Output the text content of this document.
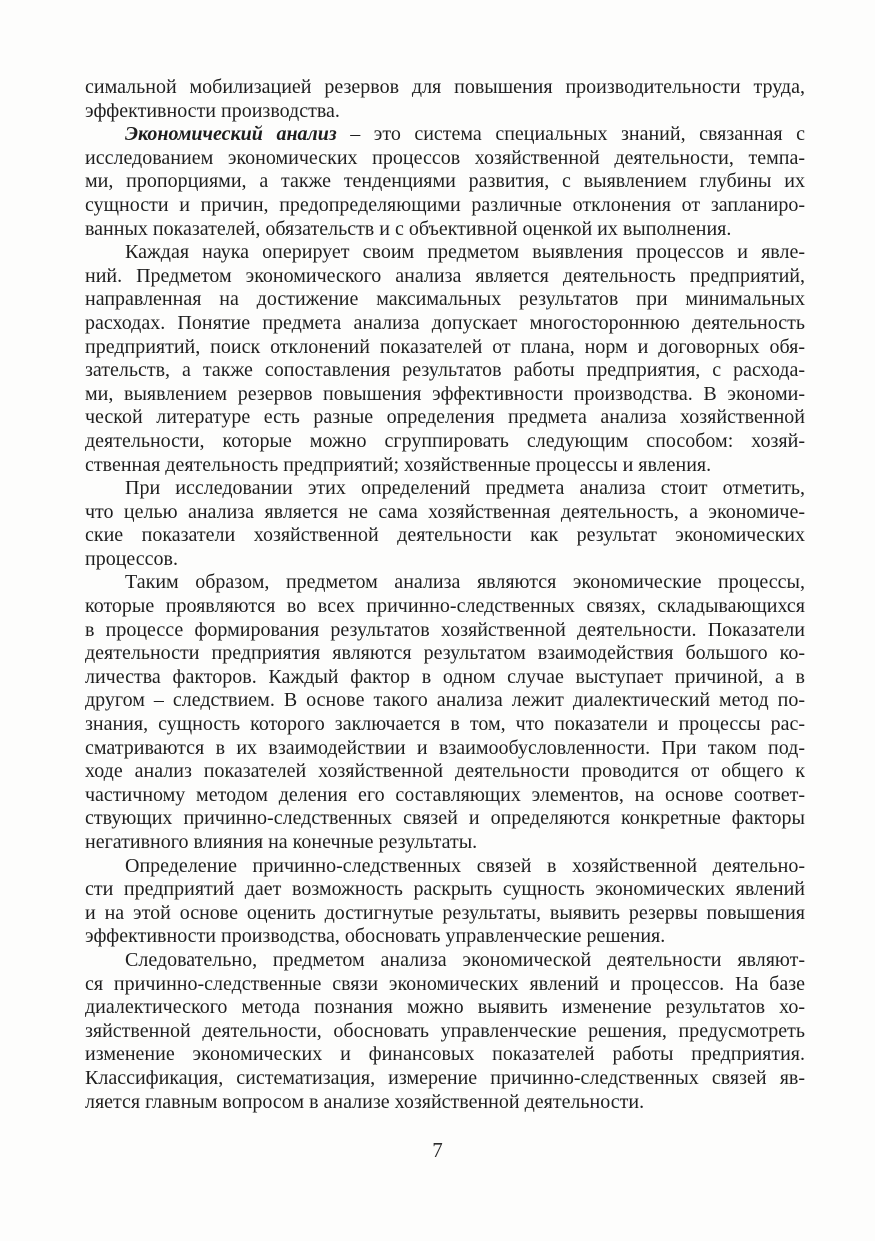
симальной мобилизацией резервов для повышения производительности труда,
эффективности производства.

Экономический анализ – это система специальных знаний, связанная с
исследованием экономических процессов хозяйственной деятельности, темпа-
ми, пропорциями, а также тенденциями развития, с выявлением глубины их
сущности и причин, предопределяющими различные отклонения от запланиро-
ванных показателей, обязательств и с объективной оценкой их выполнения.

Каждая наука оперирует своим предметом выявления процессов и явле-
ний. Предметом экономического анализа является деятельность предприятий,
направленная на достижение максимальных результатов при минимальных
расходах. Понятие предмета анализа допускает многостороннюю деятельность
предприятий, поиск отклонений показателей от плана, норм и договорных обя-
зательств, а также сопоставления результатов работы предприятия, с расхода-
ми, выявлением резервов повышения эффективности производства. В экономи-
ческой литературе есть разные определения предмета анализа хозяйственной
деятельности, которые можно сгруппировать следующим способом: хозяй-
ственная деятельность предприятий; хозяйственные процессы и явления.

При исследовании этих определений предмета анализа стоит отметить,
что целью анализа является не сама хозяйственная деятельность, а экономиче-
ские показатели хозяйственной деятельности как результат экономических
процессов.

Таким образом, предметом анализа являются экономические процессы,
которые проявляются во всех причинно-следственных связях, складывающихся
в процессе формирования результатов хозяйственной деятельности. Показатели
деятельности предприятия являются результатом взаимодействия большого ко-
личества факторов. Каждый фактор в одном случае выступает причиной, а в
другом – следствием. В основе такого анализа лежит диалектический метод по-
знания, сущность которого заключается в том, что показатели и процессы рас-
сматриваются в их взаимодействии и взаимообусловленности. При таком под-
ходе анализ показателей хозяйственной деятельности проводится от общего к
частичному методом деления его составляющих элементов, на основе соответ-
ствующих причинно-следственных связей и определяются конкретные факторы
негативного влияния на конечные результаты.

Определение причинно-следственных связей в хозяйственной деятельно-
сти предприятий дает возможность раскрыть сущность экономических явлений
и на этой основе оценить достигнутые результаты, выявить резервы повышения
эффективности производства, обосновать управленческие решения.

Следовательно, предметом анализа экономической деятельности являют-
ся причинно-следственные связи экономических явлений и процессов. На базе
диалектического метода познания можно выявить изменение результатов хо-
зяйственной деятельности, обосновать управленческие решения, предусмотреть
изменение экономических и финансовых показателей работы предприятия.
Классификация, систематизация, измерение причинно-следственных связей яв-
ляется главным вопросом в анализе хозяйственной деятельности.

7
